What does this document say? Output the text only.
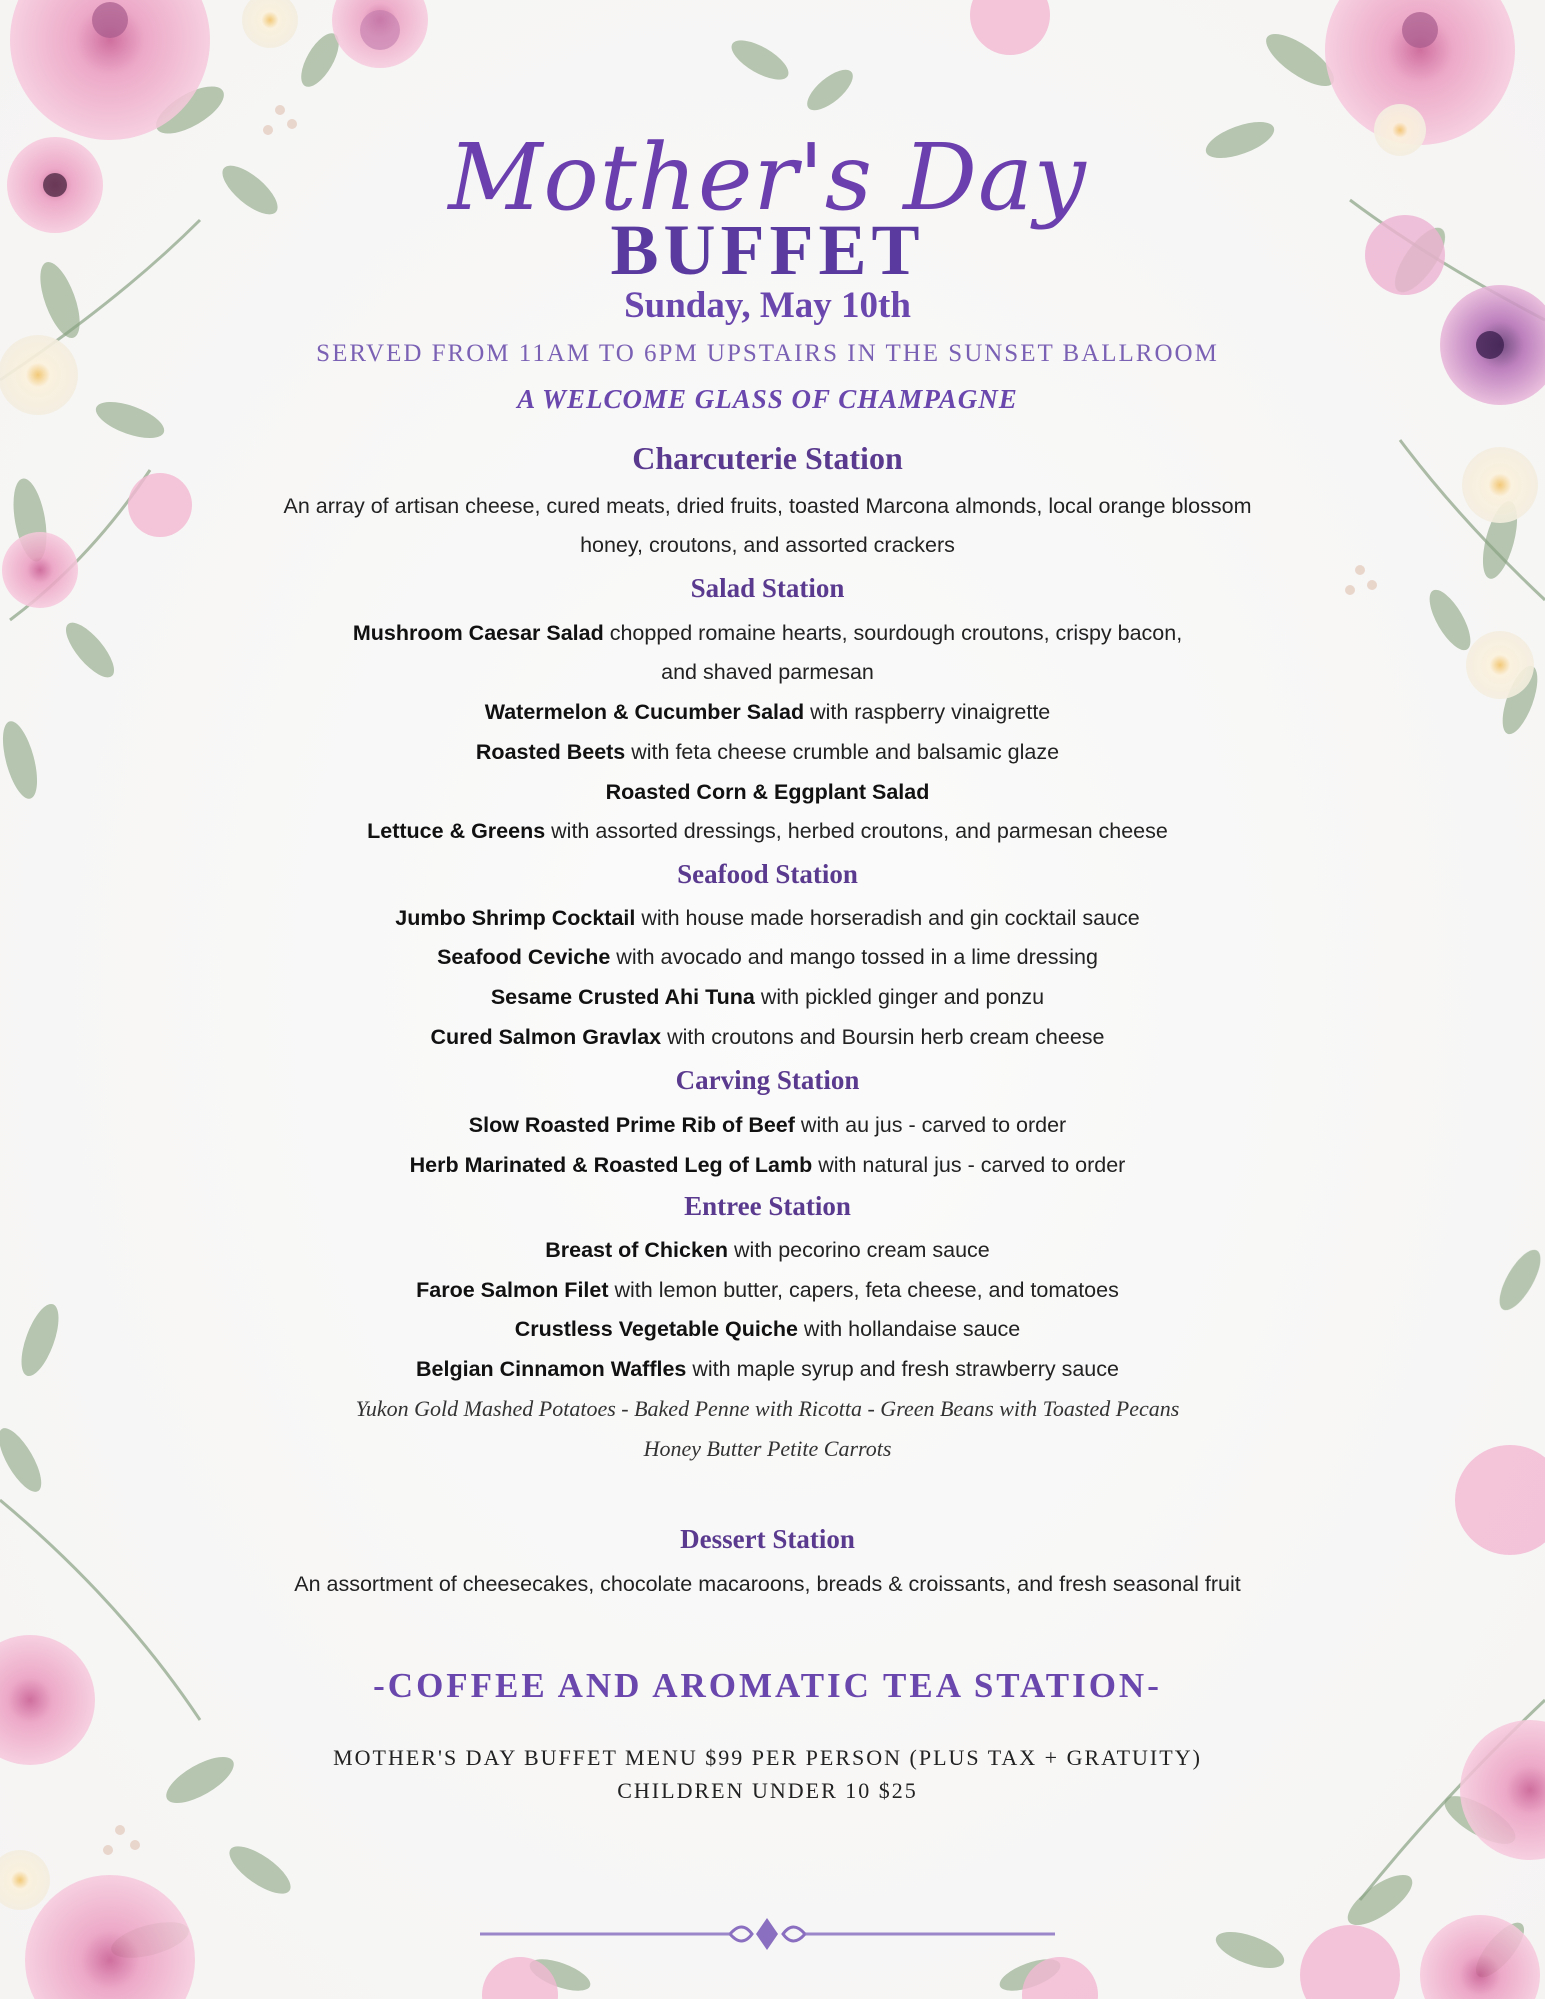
Mother's Day
BUFFET
Sunday, May 10th
SERVED FROM 11AM TO 6PM UPSTAIRS IN THE SUNSET BALLROOM
A WELCOME GLASS OF CHAMPAGNE
Charcuterie Station
An array of artisan cheese, cured meats, dried fruits, toasted Marcona almonds, local orange blossom
honey, croutons, and assorted crackers
Salad Station
Mushroom Caesar Salad chopped romaine hearts, sourdough croutons, crispy bacon,
and shaved parmesan
Watermelon & Cucumber Salad with raspberry vinaigrette
Roasted Beets with feta cheese crumble and balsamic glaze
Roasted Corn & Eggplant Salad
Lettuce & Greens with assorted dressings, herbed croutons, and parmesan cheese
Seafood Station
Jumbo Shrimp Cocktail with house made horseradish and gin cocktail sauce
Seafood Ceviche with avocado and mango tossed in a lime dressing
Sesame Crusted Ahi Tuna with pickled ginger and ponzu
Cured Salmon Gravlax with croutons and Boursin herb cream cheese
Carving Station
Slow Roasted Prime Rib of Beef with au jus - carved to order
Herb Marinated & Roasted Leg of Lamb with natural jus - carved to order
Entree Station
Breast of Chicken with pecorino cream sauce
Faroe Salmon Filet with lemon butter, capers, feta cheese, and tomatoes
Crustless Vegetable Quiche with hollandaise sauce
Belgian Cinnamon Waffles with maple syrup and fresh strawberry sauce
Yukon Gold Mashed Potatoes - Baked Penne with Ricotta - Green Beans with Toasted Pecans
Honey Butter Petite Carrots
Dessert Station
An assortment of cheesecakes, chocolate macaroons, breads & croissants, and fresh seasonal fruit
-COFFEE AND AROMATIC TEA STATION-
MOTHER'S DAY BUFFET MENU $99 PER PERSON (PLUS TAX + GRATUITY)
CHILDREN UNDER 10 $25
